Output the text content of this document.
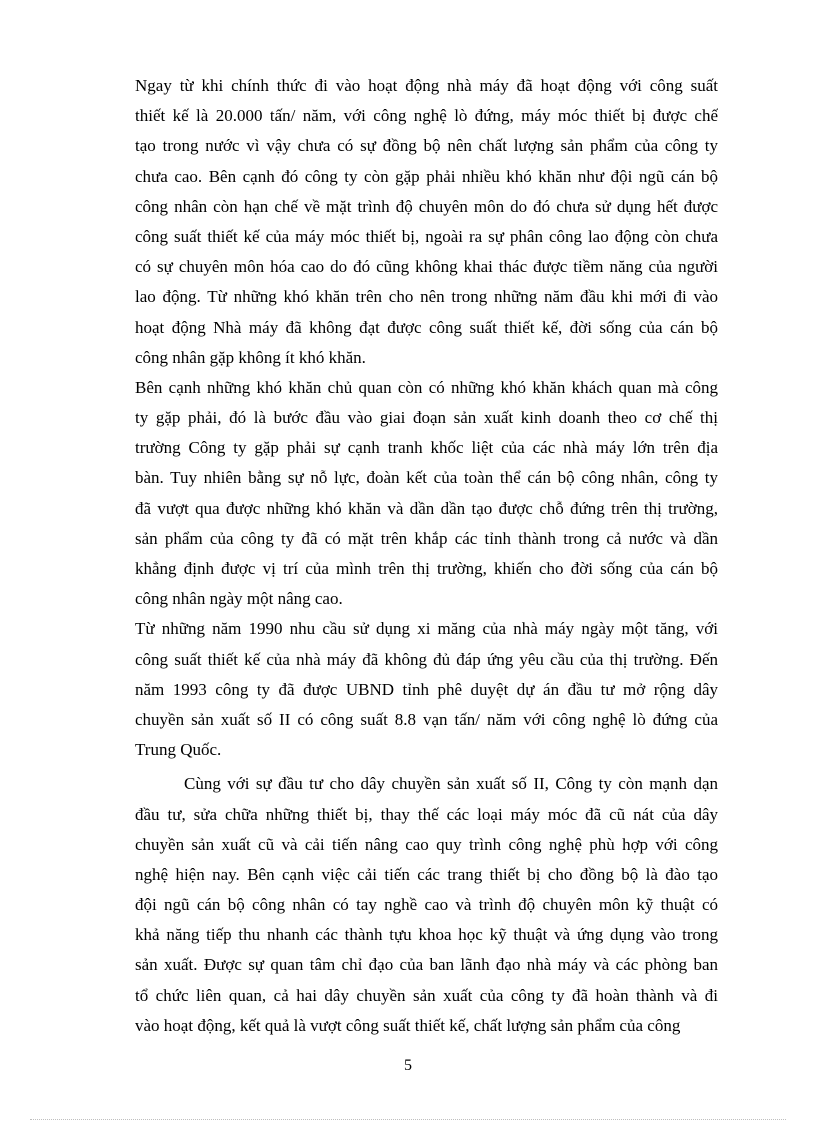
Ngay từ khi chính thức đi vào hoạt động nhà máy đã hoạt động với công suất
thiết kế là 20.000 tấn/ năm, với công nghệ lò đứng, máy móc thiết bị được chế
tạo trong nước vì vậy chưa có sự đồng bộ nên chất lượng sản phẩm của công ty
chưa cao. Bên cạnh đó công ty còn gặp phải nhiều khó khăn như đội ngũ cán bộ
công nhân còn hạn chế về mặt trình độ chuyên môn do đó chưa sử dụng hết được
công suất thiết kế của máy móc thiết bị, ngoài ra sự phân công lao động còn chưa
có sự chuyên môn hóa cao do đó cũng không khai thác được tiềm năng của người
lao động. Từ những khó khăn trên cho nên trong những năm đầu khi mới đi vào
hoạt động Nhà máy đã không đạt được công suất thiết kế, đời sống của cán bộ
công nhân gặp không ít khó khăn.
Bên cạnh những khó khăn chủ quan còn có những khó khăn khách quan mà công
ty gặp phải, đó là bước đầu vào giai đoạn sản xuất kinh doanh theo cơ chế thị
trường Công ty gặp phải sự cạnh tranh khốc liệt của các nhà máy lớn trên địa
bàn. Tuy nhiên bằng sự nỗ lực, đoàn kết của toàn thể cán bộ công nhân, công ty
đã vượt qua được những khó khăn và dần dần tạo được chỗ đứng trên thị trường,
sản phẩm của công ty đã có mặt trên khắp các tỉnh thành trong cả nước và dần
khẳng định được vị trí của mình trên thị trường, khiến cho đời sống của cán bộ
công nhân ngày một nâng cao.
Từ những năm 1990 nhu cầu sử dụng xi măng của nhà máy ngày một tăng, với
công suất thiết kế của nhà máy đã không đủ đáp ứng yêu cầu của thị trường. Đến
năm 1993 công ty đã được UBND tỉnh phê duyệt dự án đầu tư mở rộng dây
chuyền sản xuất số II có công suất 8.8 vạn tấn/ năm với công nghệ lò đứng của
Trung Quốc.
Cùng với sự đầu tư cho dây chuyền sản xuất số II, Công ty còn mạnh dạn
đầu tư, sửa chữa những thiết bị, thay thế các loại máy móc đã cũ nát của dây
chuyền sản xuất cũ và cải tiến nâng cao quy trình công nghệ phù hợp với công
nghệ hiện nay. Bên cạnh việc cải tiến các trang thiết bị cho đồng bộ là đào tạo
đội ngũ cán bộ công nhân có tay nghề cao và trình độ chuyên môn kỹ thuật có
khả năng tiếp thu nhanh các thành tựu khoa học kỹ thuật và ứng dụng vào trong
sản xuất. Được sự quan tâm chỉ đạo của ban lãnh đạo nhà máy và các phòng ban
tổ chức liên quan, cả hai dây chuyền sản xuất của công ty đã hoàn thành và đi
vào hoạt động, kết quả là vượt công suất thiết kế, chất lượng sản phẩm của công
5
